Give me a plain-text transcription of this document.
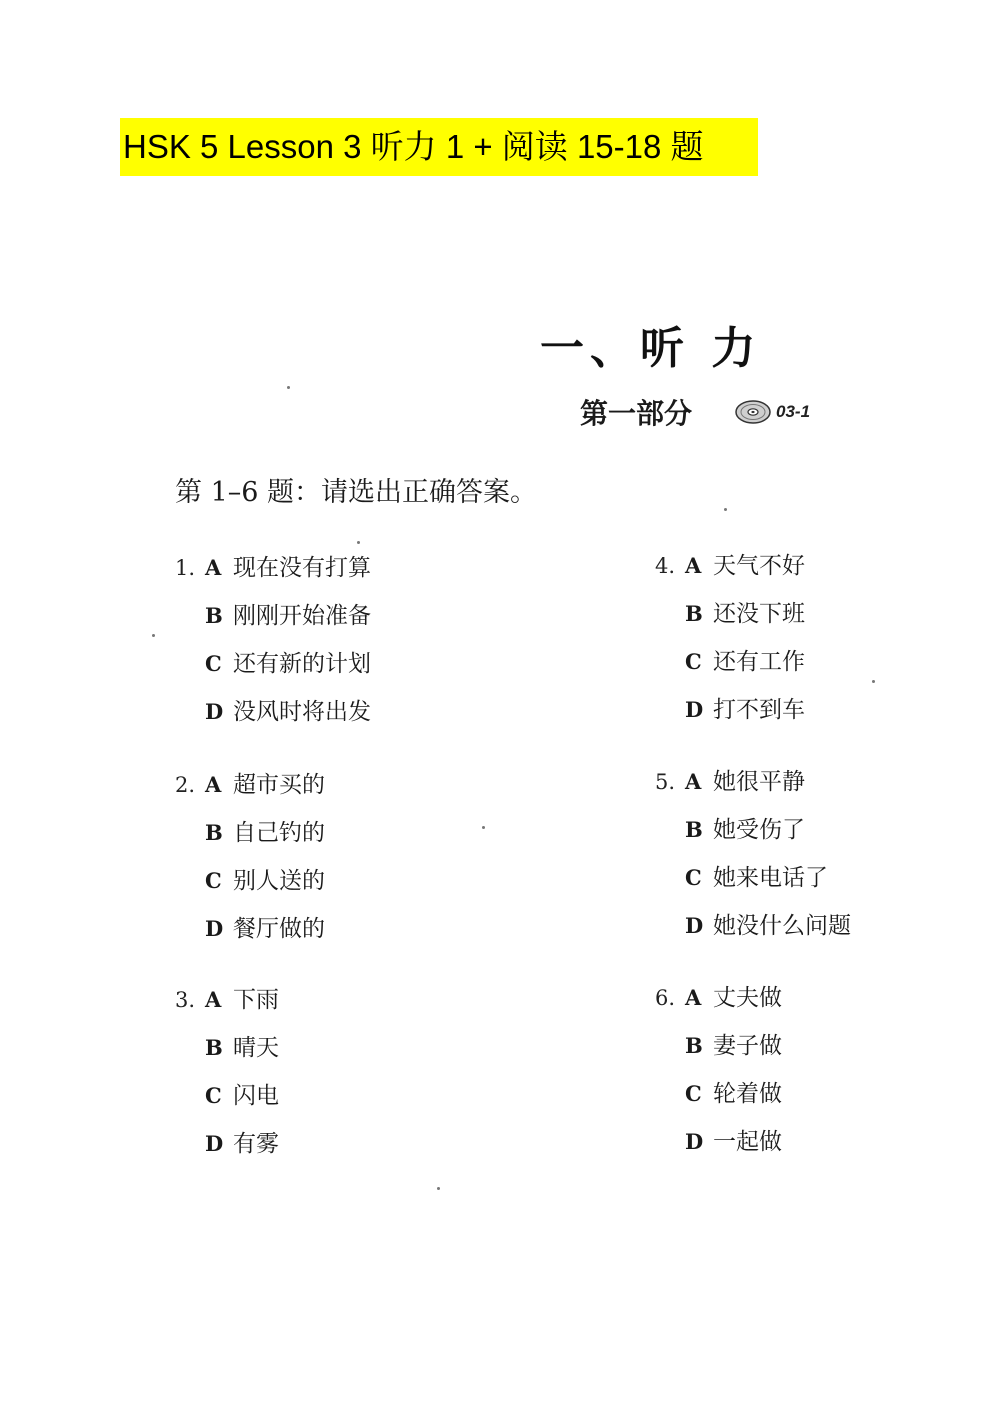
HSK 5 Lesson 3 听力 1 + 阅读 15-18 题
一、听 力
第一部分	03-1
第 1–6 题：请选出正确答案。
1. A 现在没有打算
B 刚刚开始准备
C 还有新的计划
D 没风时将出发
2. A 超市买的
B 自己钓的
C 别人送的
D 餐厅做的
3. A 下雨
B 晴天
C 闪电
D 有雾
4. A 天气不好
B 还没下班
C 还有工作
D 打不到车
5. A 她很平静
B 她受伤了
C 她来电话了
D 她没什么问题
6. A 丈夫做
B 妻子做
C 轮着做
D 一起做
